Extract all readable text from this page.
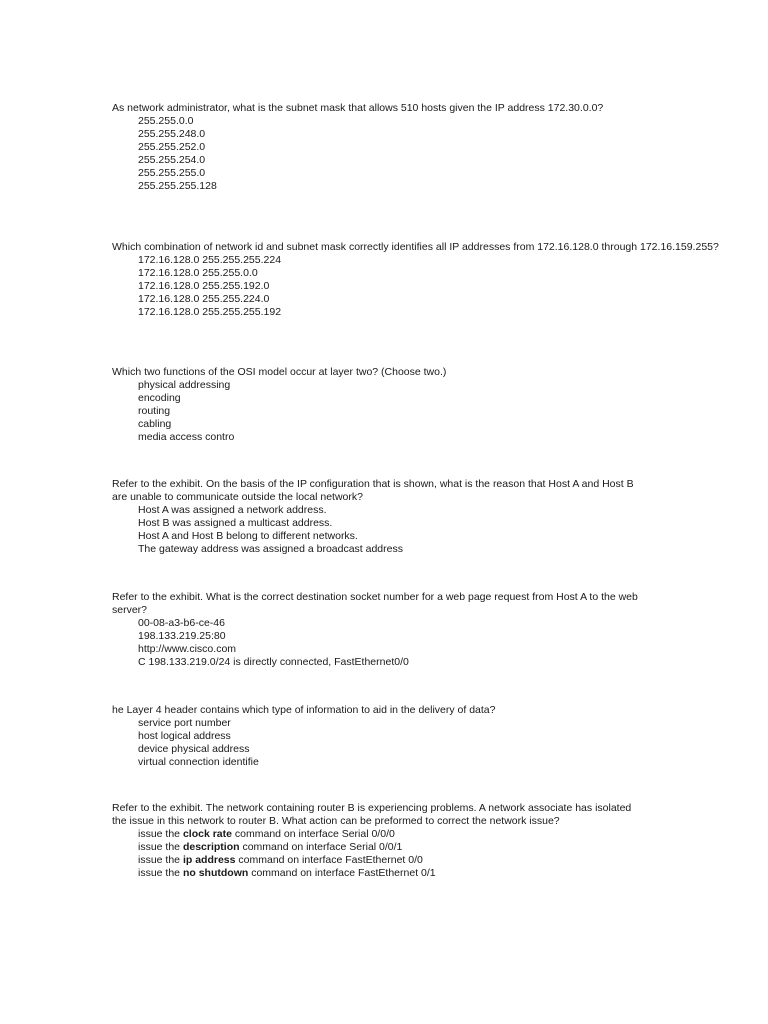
As network administrator, what is the subnet mask that allows 510 hosts given the IP address 172.30.0.0?
255.255.0.0
255.255.248.0
255.255.252.0
255.255.254.0
255.255.255.0
255.255.255.128
Which combination of network id and subnet mask correctly identifies all IP addresses from 172.16.128.0 through 172.16.159.255?
172.16.128.0 255.255.255.224
172.16.128.0 255.255.0.0
172.16.128.0 255.255.192.0
172.16.128.0 255.255.224.0
172.16.128.0 255.255.255.192
Which two functions of the OSI model occur at layer two? (Choose two.)
physical addressing
encoding
routing
cabling
media access contro
Refer to the exhibit. On the basis of the IP configuration that is shown, what is the reason that Host A and Host B are unable to communicate outside the local network?
Host A was assigned a network address.
Host B was assigned a multicast address.
Host A and Host B belong to different networks.
The gateway address was assigned a broadcast address
Refer to the exhibit. What is the correct destination socket number for a web page request from Host A to the web server?
00-08-a3-b6-ce-46
198.133.219.25:80
http://www.cisco.com
C 198.133.219.0/24 is directly connected, FastEthernet0/0
he Layer 4 header contains which type of information to aid in the delivery of data?
service port number
host logical address
device physical address
virtual connection identifie
Refer to the exhibit. The network containing router B is experiencing problems. A network associate has isolated the issue in this network to router B. What action can be preformed to correct the network issue?
issue the clock rate command on interface Serial 0/0/0
issue the description command on interface Serial 0/0/1
issue the ip address command on interface FastEthernet 0/0
issue the no shutdown command on interface FastEthernet 0/1
